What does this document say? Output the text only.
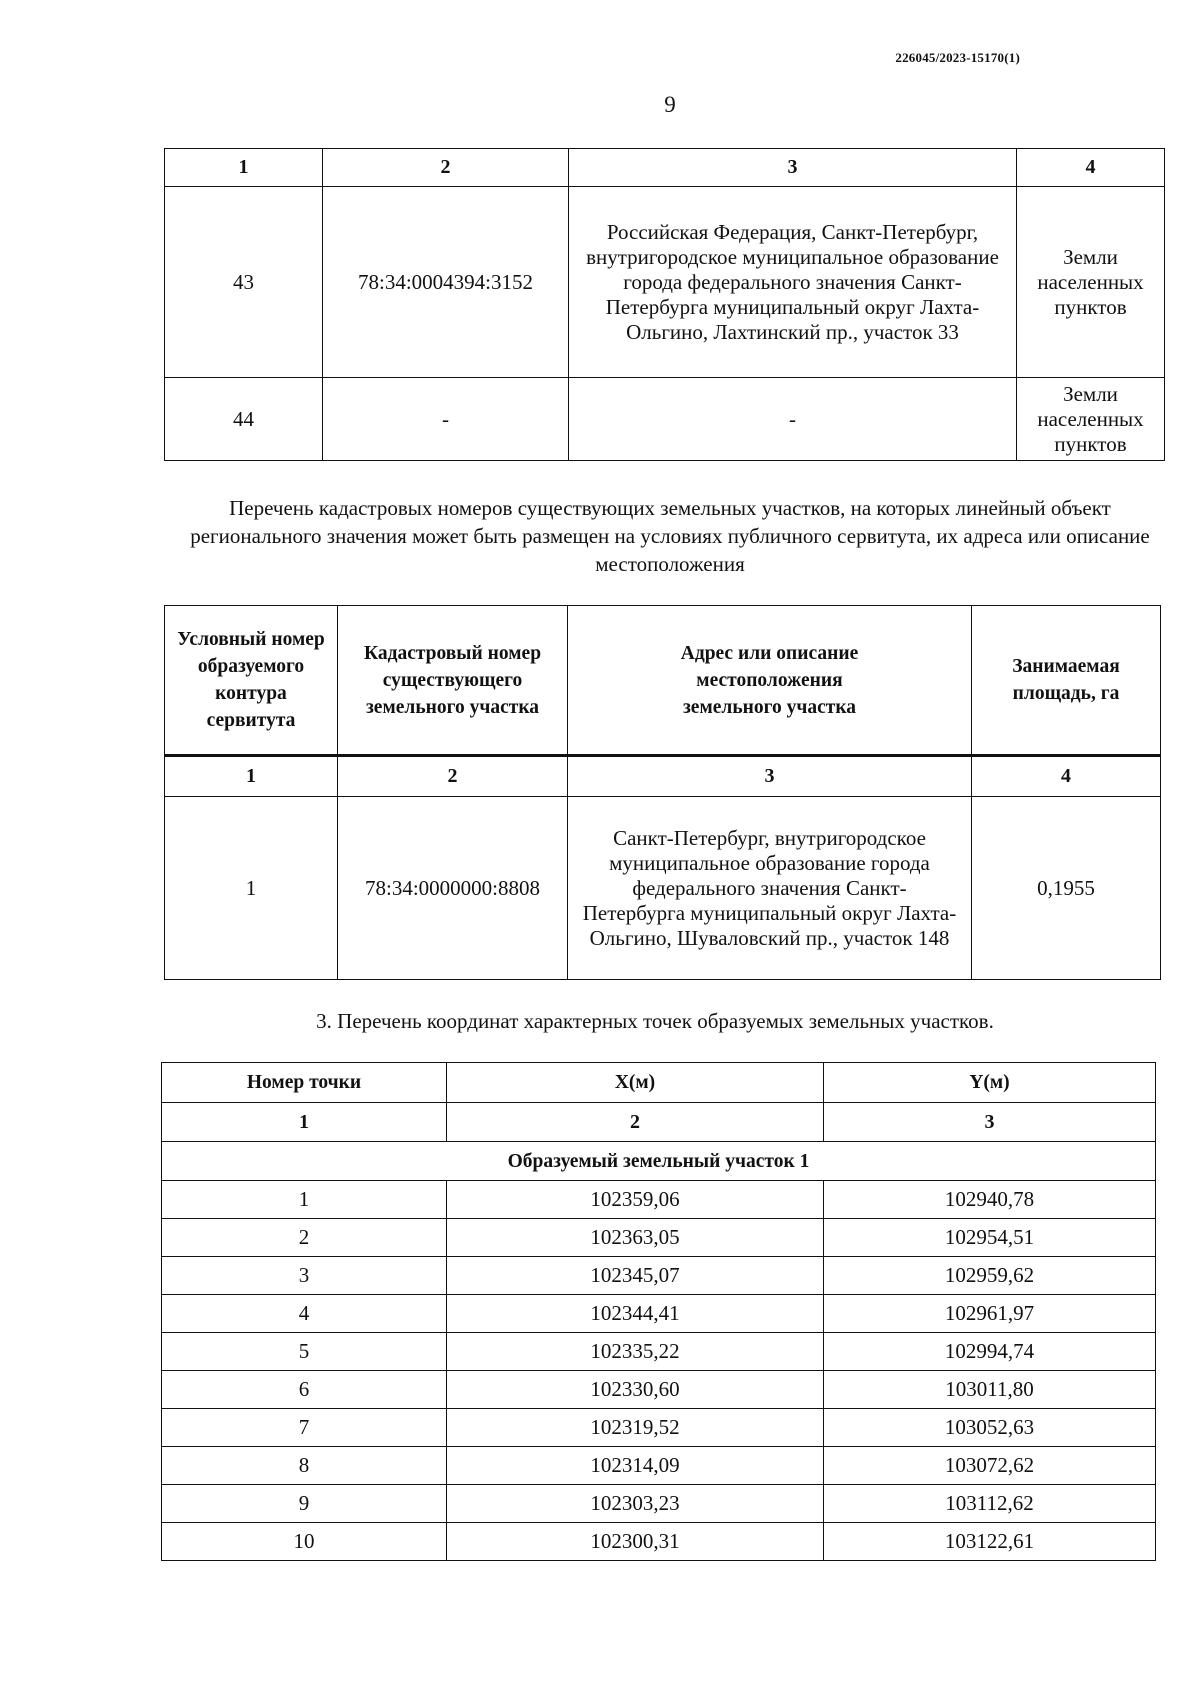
226045/2023-15170(1)
9
1	2	3	4
43	78:34:0004394:3152	Российская Федерация, Санкт-Петербург, внутригородское муниципальное образование города федерального значения Санкт-Петербурга муниципальный округ Лахта-Ольгино, Лахтинский пр., участок 33	Земли населенных пунктов
44	-	-	Земли населенных пунктов
Перечень кадастровых номеров существующих земельных участков, на которых линейный объект регионального значения может быть размещен на условиях публичного сервитута, их адреса или описание местоположения
Условный номер образуемого контура сервитута	Кадастровый номер существующего земельного участка	Адрес или описание местоположения земельного участка	Занимаемая площадь, га
1	2	3	4
1	78:34:0000000:8808	Санкт-Петербург, внутригородское муниципальное образование города федерального значения Санкт-Петербурга муниципальный округ Лахта-Ольгино, Шуваловский пр., участок 148	0,1955
3. Перечень координат характерных точек образуемых земельных участков.
Номер точки	X(м)	Y(м)
1	2	3
Образуемый земельный участок 1		
1	102359,06	102940,78
2	102363,05	102954,51
3	102345,07	102959,62
4	102344,41	102961,97
5	102335,22	102994,74
6	102330,60	103011,80
7	102319,52	103052,63
8	102314,09	103072,62
9	102303,23	103112,62
10	102300,31	103122,61
